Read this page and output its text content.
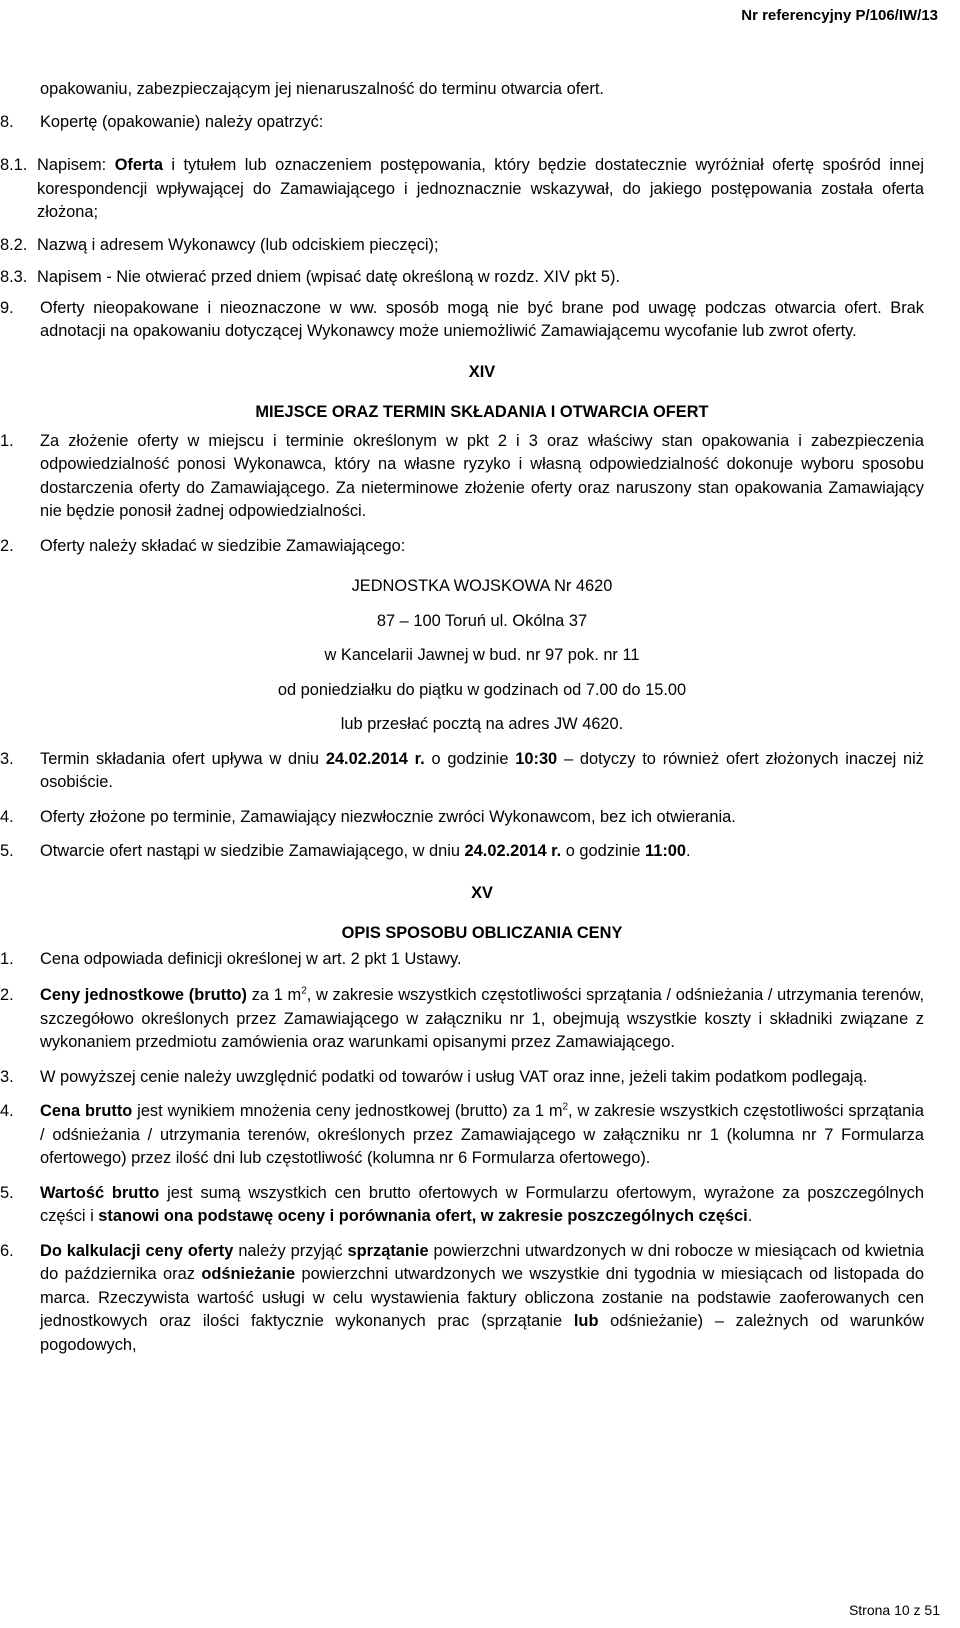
Nr referencyjny P/106/IW/13

opakowaniu, zabezpieczającym jej nienaruszalność do terminu otwarcia ofert.

8.	Kopertę (opakowanie) należy opatrzyć:
8.1. Napisem: Oferta i tytułem lub oznaczeniem postępowania, który będzie dostatecznie wyróżniał ofertę spośród innej korespondencji wpływającej do Zamawiającego i jednoznacznie wskazywał, do jakiego postępowania została oferta złożona;
8.2. Nazwą i adresem Wykonawcy (lub odciskiem pieczęci);
8.3. Napisem - Nie otwierać przed dniem (wpisać datę określoną w rozdz. XIV pkt 5).
9.	Oferty nieopakowane i nieoznaczone w ww. sposób mogą nie być brane pod uwagę podczas otwarcia ofert. Brak adnotacji na opakowaniu dotyczącej Wykonawcy może uniemożliwić Zamawiającemu wycofanie lub zwrot oferty.

XIV

MIEJSCE ORAZ TERMIN SKŁADANIA I OTWARCIA OFERT

1.	Za złożenie oferty w miejscu i terminie określonym w pkt 2 i 3 oraz właściwy stan opakowania i zabezpieczenia odpowiedzialność ponosi Wykonawca, który na własne ryzyko i własną odpowiedzialność dokonuje wyboru sposobu dostarczenia oferty do Zamawiającego. Za nieterminowe złożenie oferty oraz naruszony stan opakowania Zamawiający nie będzie ponosił żadnej odpowiedzialności.
2.	Oferty należy składać w siedzibie Zamawiającego:

JEDNOSTKA WOJSKOWA Nr 4620

87 – 100 Toruń ul. Okólna 37

w Kancelarii Jawnej w bud. nr 97 pok. nr 11

od poniedziałku do piątku w godzinach od 7.00 do 15.00

lub przesłać pocztą na adres JW 4620.

3.	Termin składania ofert upływa w dniu 24.02.2014 r. o godzinie 10:30 – dotyczy to również ofert złożonych inaczej niż osobiście.
4.	Oferty złożone po terminie, Zamawiający niezwłocznie zwróci Wykonawcom, bez ich otwierania.
5.	Otwarcie ofert nastąpi w siedzibie Zamawiającego, w dniu 24.02.2014 r. o godzinie 11:00.

XV

OPIS SPOSOBU OBLICZANIA CENY

1.	Cena odpowiada definicji określonej w art. 2 pkt 1 Ustawy.
2.	Ceny jednostkowe (brutto) za 1 $m^2$, w zakresie wszystkich częstotliwości sprzątania / odśnieżania / utrzymania terenów, szczegółowo określonych przez Zamawiającego w załączniku nr 1, obejmują wszystkie koszty i składniki związane z wykonaniem przedmiotu zamówienia oraz warunkami opisanymi przez Zamawiającego.
3.	W powyższej cenie należy uwzględnić podatki od towarów i usług VAT oraz inne, jeżeli takim podatkom podlegają.
4.	Cena brutto jest wynikiem mnożenia ceny jednostkowej (brutto) za 1 $m^2$, w zakresie wszystkich częstotliwości sprzątania / odśnieżania / utrzymania terenów, określonych przez Zamawiającego w załączniku nr 1 (kolumna nr 7 Formularza ofertowego) przez ilość dni lub częstotliwość (kolumna nr 6 Formularza ofertowego).
5.	Wartość brutto jest sumą wszystkich cen brutto ofertowych w Formularzu ofertowym, wyrażone za poszczególnych części i stanowi ona podstawę oceny i porównania ofert, w zakresie poszczególnych części.
6.	Do kalkulacji ceny oferty należy przyjąć sprzątanie powierzchni utwardzonych w dni robocze w miesiącach od kwietnia do października oraz odśnieżanie powierzchni utwardzonych we wszystkie dni tygodnia w miesiącach od listopada do marca. Rzeczywista wartość usługi w celu wystawienia faktury obliczona zostanie na podstawie zaoferowanych cen jednostkowych oraz ilości faktycznie wykonanych prac (sprzątanie lub odśnieżanie) – zależnych od warunków pogodowych,
Strona 10 z 51
